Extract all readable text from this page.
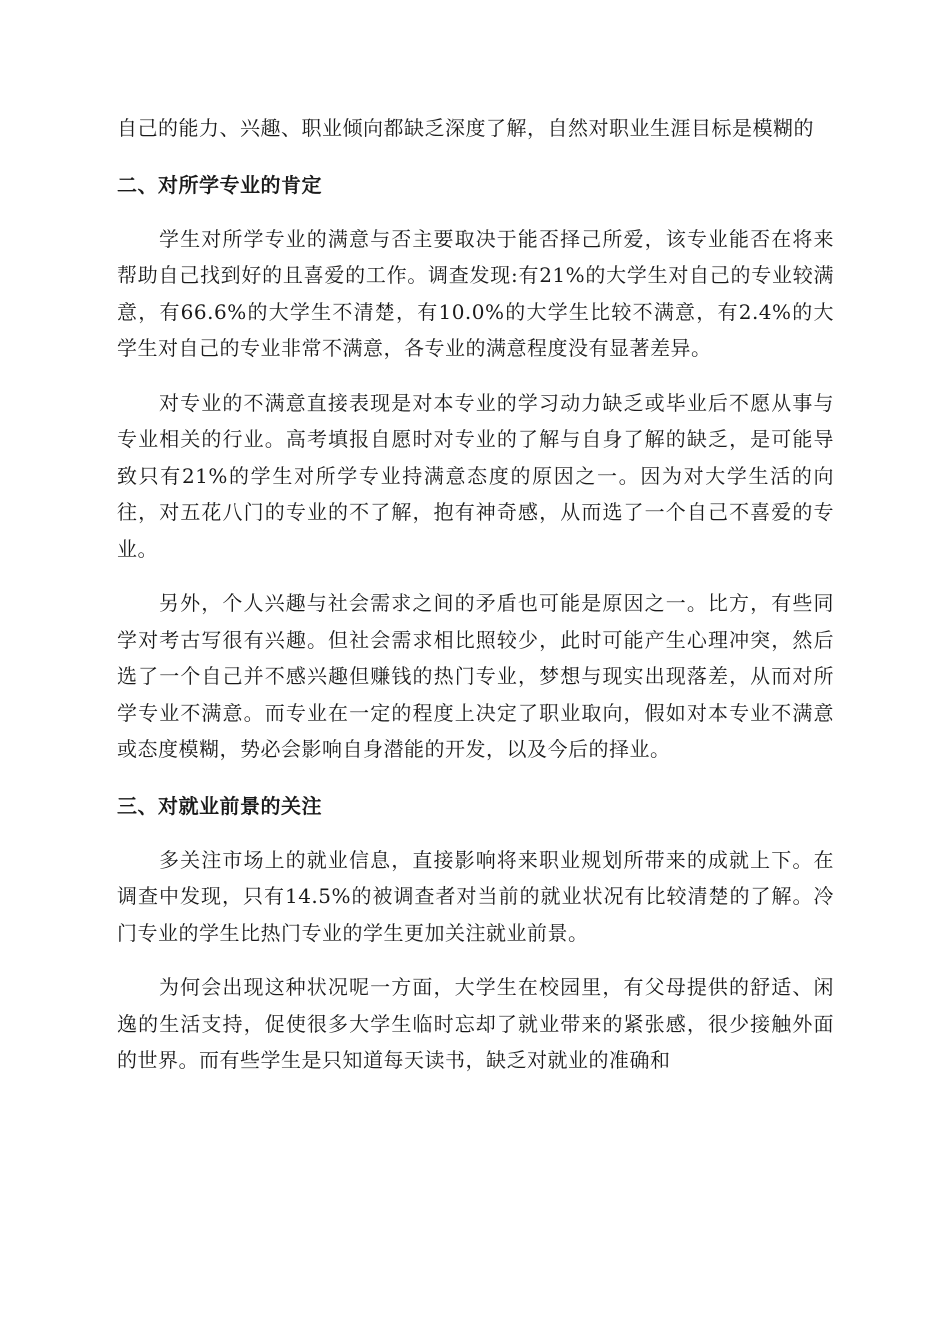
自己的能力、兴趣、职业倾向都缺乏深度了解，自然对职业生涯目标是模糊的

二、对所学专业的肯定

学生对所学专业的满意与否主要取决于能否择己所爱，该专业能否在将来帮助自己找到好的且喜爱的工作。调查发现:有21%的大学生对自己的专业较满意，有66.6%的大学生不清楚，有10.0%的大学生比较不满意，有2.4%的大学生对自己的专业非常不满意，各专业的满意程度没有显著差异。

对专业的不满意直接表现是对本专业的学习动力缺乏或毕业后不愿从事与专业相关的行业。高考填报自愿时对专业的了解与自身了解的缺乏，是可能导致只有21%的学生对所学专业持满意态度的原因之一。因为对大学生活的向往，对五花八门的专业的不了解，抱有神奇感，从而选了一个自己不喜爱的专业。

另外，个人兴趣与社会需求之间的矛盾也可能是原因之一。比方，有些同学对考古写很有兴趣。但社会需求相比照较少，此时可能产生心理冲突，然后选了一个自己并不感兴趣但赚钱的热门专业，梦想与现实出现落差，从而对所学专业不满意。而专业在一定的程度上决定了职业取向，假如对本专业不满意或态度模糊，势必会影响自身潜能的开发，以及今后的择业。

三、对就业前景的关注

多关注市场上的就业信息，直接影响将来职业规划所带来的成就上下。在调查中发现，只有14.5%的被调查者对当前的就业状况有比较清楚的了解。冷门专业的学生比热门专业的学生更加关注就业前景。

为何会出现这种状况呢一方面，大学生在校园里，有父母提供的舒适、闲逸的生活支持，促使很多大学生临时忘却了就业带来的紧张感，很少接触外面的世界。而有些学生是只知道每天读书，缺乏对就业的准确和
